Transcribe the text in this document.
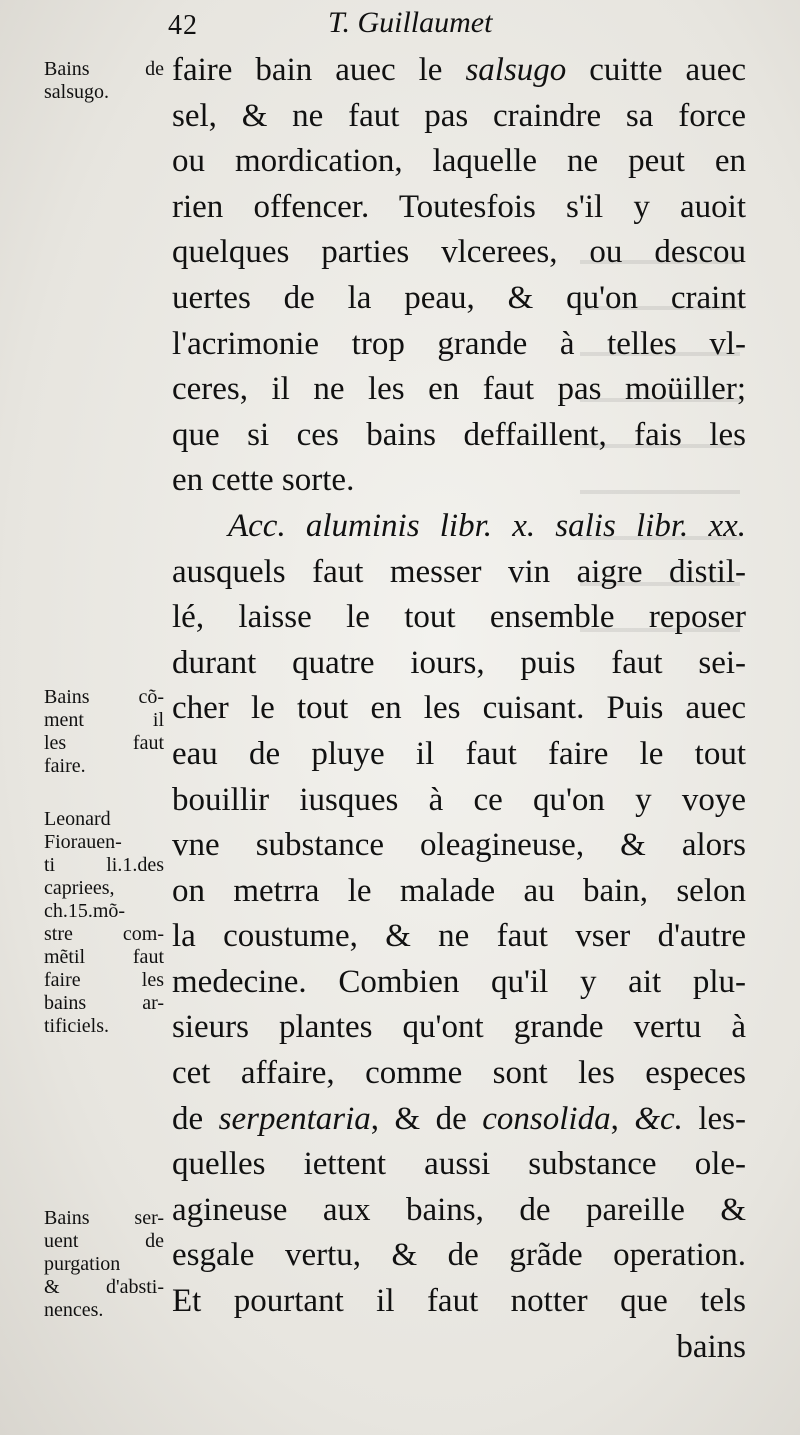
42	T. Guillaumet
Bains de
salsugo.
Bains cõ-
ment il
les faut
faire.
Leonard
Fiorauen-
ti li.1.des
capriees,
ch.15.mõ-
stre com-
mẽtil faut
faire les
bains ar-
tificiels.
Bains ser-
uent de
purgation
& d'absti-
nences.
faire bain auec le salsugo cuitte auec
sel, & ne faut pas craindre sa force
ou mordication, laquelle ne peut en
rien offencer. Toutesfois s'il y auoit
quelques parties vlcerees, ou descou
uertes de la peau, & qu'on craint
l'acrimonie trop grande à telles vl-
ceres, il ne les en faut pas moüiller;
que si ces bains deffaillent, fais les
en cette sorte.
Acc. aluminis libr. x. salis libr. xx.
ausquels faut messer vin aigre distil-
lé, laisse le tout ensemble reposer
durant quatre iours, puis faut sei-
cher le tout en les cuisant. Puis auec
eau de pluye il faut faire le tout
bouillir iusques à ce qu'on y voye
vne substance oleagineuse, & alors
on metrra le malade au bain, selon
la coustume, & ne faut vser d'autre
medecine. Combien qu'il y ait plu-
sieurs plantes qu'ont grande vertu à
cet affaire, comme sont les especes
de serpentaria, & de consolida, &c. les-
quelles iettent aussi substance ole-
agineuse aux bains, de pareille &
esgale vertu, & de grãde operation.
Et pourtant il faut notter que tels
bains
